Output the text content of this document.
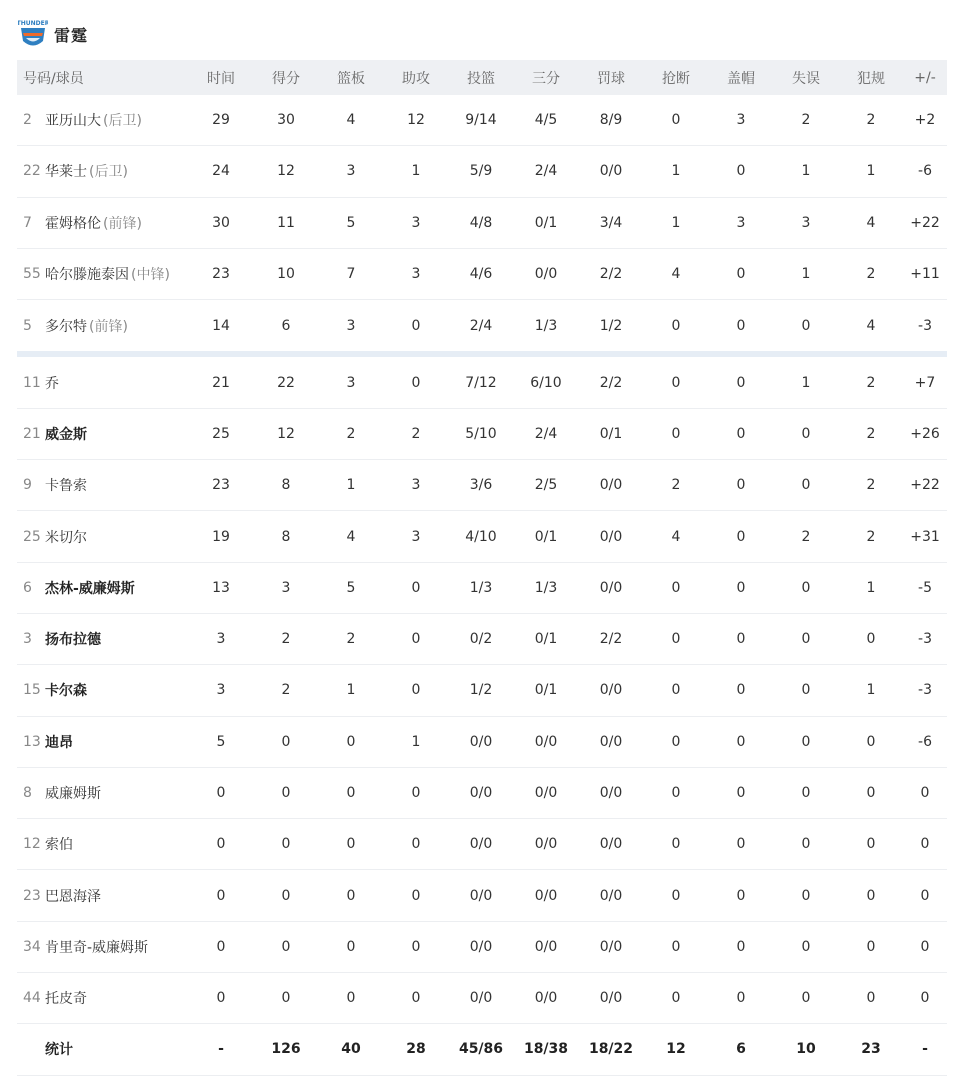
THUNDER
雷霆
号码/球员	时间	得分	篮板	助攻	投篮	三分	罚球	抢断	盖帽	失误	犯规	+/-
2 亚历山大 (后卫)	29	30	4	12	9/14	4/5	8/9	0	3	2	2	+2
22 华莱士 (后卫)	24	12	3	1	5/9	2/4	0/0	1	0	1	1	-6
7 霍姆格伦 (前锋)	30	11	5	3	4/8	0/1	3/4	1	3	3	4	+22
55 哈尔滕施泰因 (中锋)	23	10	7	3	4/6	0/0	2/2	4	0	1	2	+11
5 多尔特 (前锋)	14	6	3	0	2/4	1/3	1/2	0	0	0	4	-3
11 乔	21	22	3	0	7/12	6/10	2/2	0	0	1	2	+7
21 威金斯	25	12	2	2	5/10	2/4	0/1	0	0	0	2	+26
9 卡鲁索	23	8	1	3	3/6	2/5	0/0	2	0	0	2	+22
25 米切尔	19	8	4	3	4/10	0/1	0/0	4	0	2	2	+31
6 杰林-威廉姆斯	13	3	5	0	1/3	1/3	0/0	0	0	0	1	-5
3 扬布拉德	3	2	2	0	0/2	0/1	2/2	0	0	0	0	-3
15 卡尔森	3	2	1	0	1/2	0/1	0/0	0	0	0	1	-3
13 迪昂	5	0	0	1	0/0	0/0	0/0	0	0	0	0	-6
8 威廉姆斯	0	0	0	0	0/0	0/0	0/0	0	0	0	0	0
12 索伯	0	0	0	0	0/0	0/0	0/0	0	0	0	0	0
23 巴恩海泽	0	0	0	0	0/0	0/0	0/0	0	0	0	0	0
34 肯里奇-威廉姆斯	0	0	0	0	0/0	0/0	0/0	0	0	0	0	0
44 托皮奇	0	0	0	0	0/0	0/0	0/0	0	0	0	0	0
统计	-	126	40	28	45/86	18/38	18/22	12	6	10	23	-
